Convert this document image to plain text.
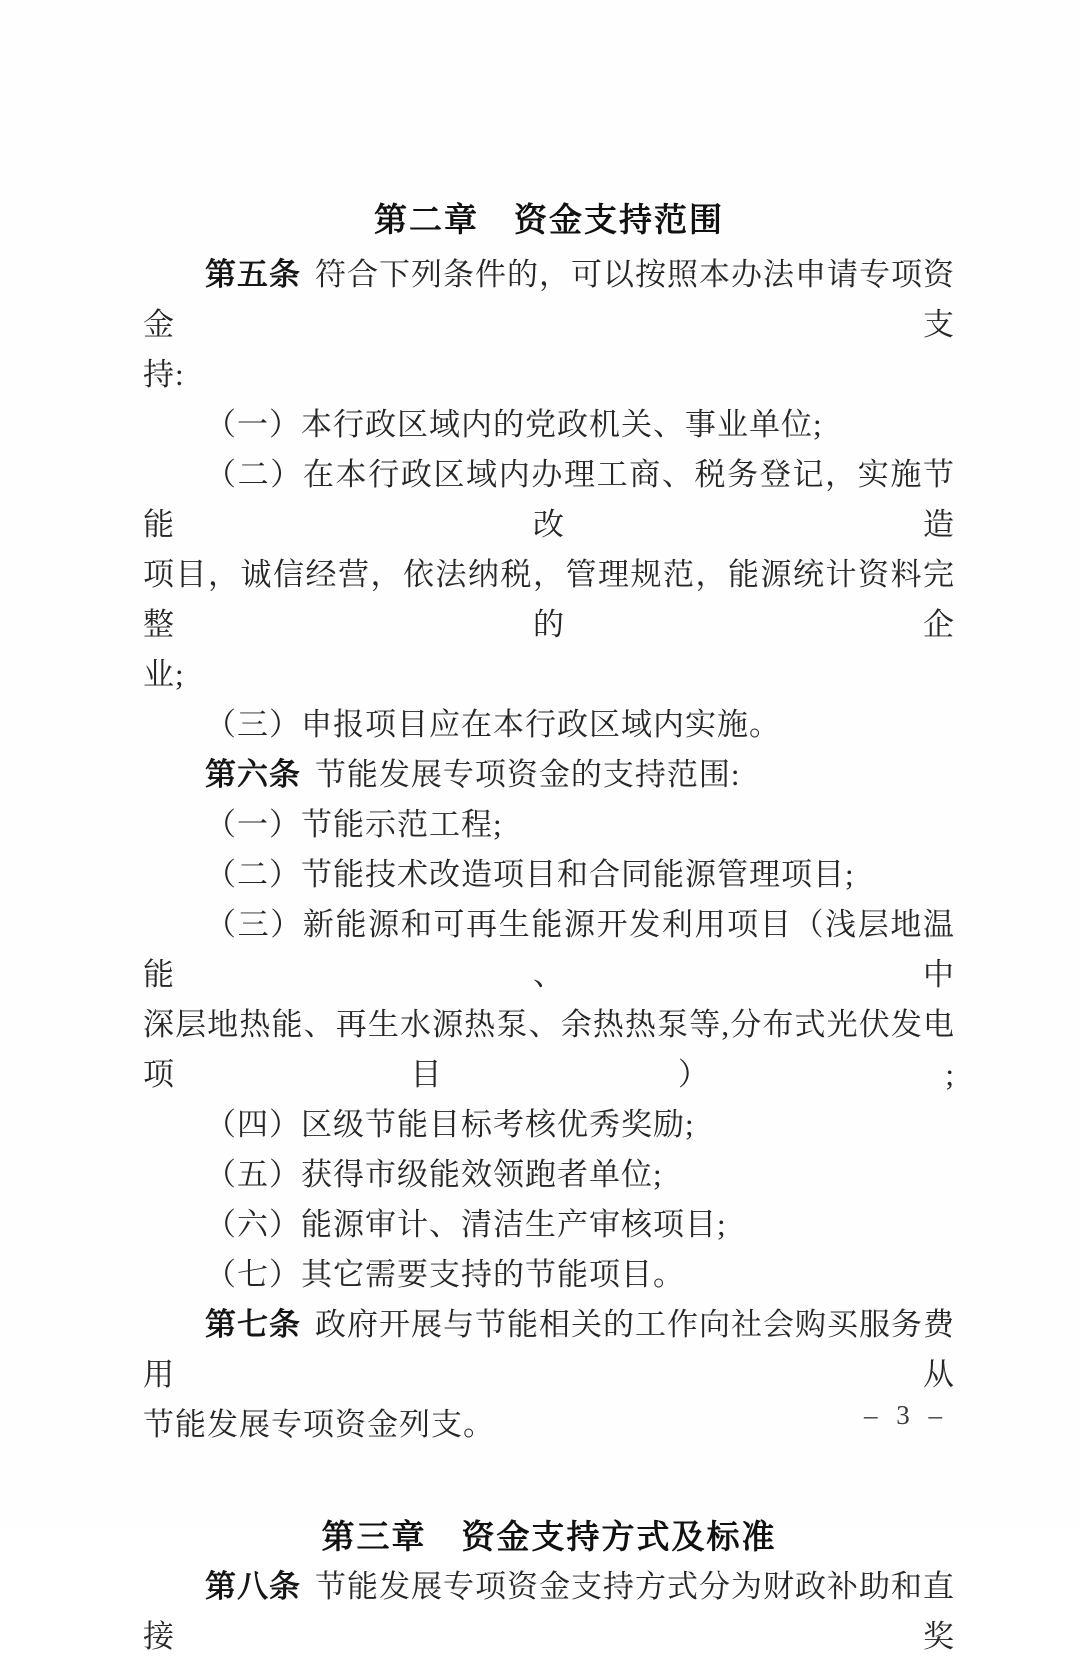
第二章　资金支持范围
第五条 符合下列条件的，可以按照本办法申请专项资金支
持:
（一）本行政区域内的党政机关、事业单位;
（二）在本行政区域内办理工商、税务登记，实施节能改造
项目，诚信经营，依法纳税，管理规范，能源统计资料完整的企
业;
（三）申报项目应在本行政区域内实施。
第六条 节能发展专项资金的支持范围:
（一）节能示范工程;
（二）节能技术改造项目和合同能源管理项目;
（三）新能源和可再生能源开发利用项目（浅层地温能、中
深层地热能、再生水源热泵、余热热泵等,分布式光伏发电项目）;
（四）区级节能目标考核优秀奖励;
（五）获得市级能效领跑者单位;
（六）能源审计、清洁生产审核项目;
（七）其它需要支持的节能项目。
第七条 政府开展与节能相关的工作向社会购买服务费用从
节能发展专项资金列支。
第三章　资金支持方式及标准
第八条 节能发展专项资金支持方式分为财政补助和直接奖
– 3 –
